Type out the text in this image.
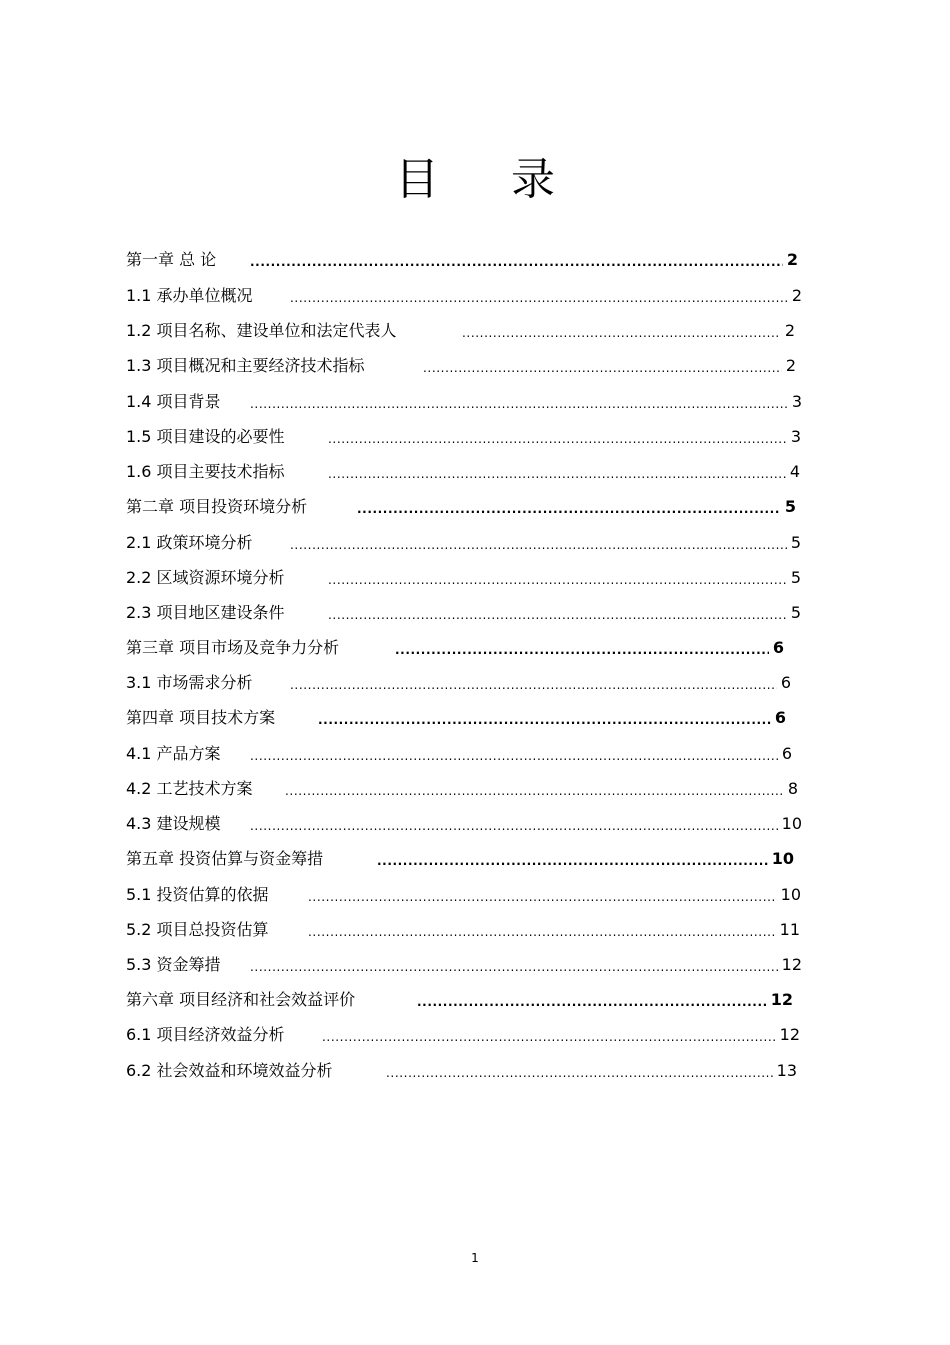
目 录
第一章 总 论 .....	2
1.1 承办单位概况 .....	2
1.2 项目名称、建设单位和法定代表人 .....	2
1.3 项目概况和主要经济技术指标 .....	2
1.4 项目背景 .....	3
1.5 项目建设的必要性 .....	3
1.6 项目主要技术指标 .....	4
第二章 项目投资环境分析 .....	5
2.1 政策环境分析 .....	5
2.2 区域资源环境分析 .....	5
2.3 项目地区建设条件 .....	5
第三章 项目市场及竞争力分析 .....	6
3.1 市场需求分析 .....	6
第四章 项目技术方案 .....	6
4.1 产品方案 .....	6
4.2 工艺技术方案 .....	8
4.3 建设规模 .....	10
第五章 投资估算与资金筹措 .....	10
5.1 投资估算的依据 .....	10
5.2 项目总投资估算 .....	11
5.3 资金筹措 .....	12
第六章 项目经济和社会效益评价 .....	12
6.1 项目经济效益分析 .....	12
6.2 社会效益和环境效益分析 .....	13
1
